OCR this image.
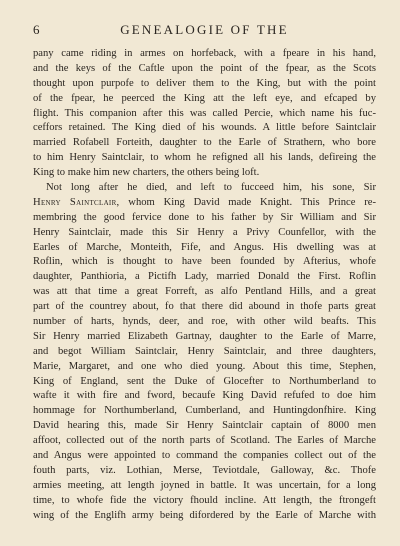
6	GENEALOGIE OF THE
pany came riding in armes on horfeback, with a fpeare in his hand,
and the keys of the Caftle upon the point of the fpear, as the Scots
thought upon purpofe to deliver them to the King, but with the point
of the fpear, he peerced the King att the left eye, and efcaped by
flight. This companion after this was called Percie, which name his fuc-
ceffors retained. The King died of his wounds. A little before Saintclair
married Rofabell Forteith, daughter to the Earle of Strathern, who bore
to him Henry Saintclair, to whom he refigned all his lands, defireing the
King to make him new charters, the others being loft.
Not long after he died, and left to fucceed him, his sone, Sir
Henry Saintclair, whom King David made Knight. This Prince re-
membring the good fervice done to his father by Sir William and Sir
Henry Saintclair, made this Sir Henry a Privy Counfellor, with the
Earles of Marche, Monteith, Fife, and Angus. His dwelling was at
Roflin, which is thought to have been founded by Afterius, whofe
daughter, Panthioria, a Pictifh Lady, married Donald the First. Roflin
was att that time a great Forreft, as alfo Pentland Hills, and a great
part of the countrey about, fo that there did abound in thofe parts great
number of harts, hynds, deer, and roe, with other wild beafts. This
Sir Henry married Elizabeth Gartnay, daughter to the Earle of Marre,
and begot William Saintclair, Henry Saintclair, and three daughters,
Marie, Margaret, and one who died young. About this time, Stephen,
King of England, sent the Duke of Glocefter to Northumberland to
wafte it with fire and fword, becaufe King David refufed to doe him
hommage for Northumberland, Cumberland, and Huntingdonfhire. King
David hearing this, made Sir Henry Saintclair captain of 8000 men
affoot, collected out of the north parts of Scotland. The Earles of Marche
and Angus were appointed to command the companies collect out of the
fouth parts, viz. Lothian, Merse, Teviotdale, Galloway, &c. Thofe
armies meeting, att length joyned in battle. It was uncertain, for a long
time, to whofe fide the victory fhould incline. Att length, the ftrongeft
wing of the Englifh army being difordered by the Earle of Marche with
